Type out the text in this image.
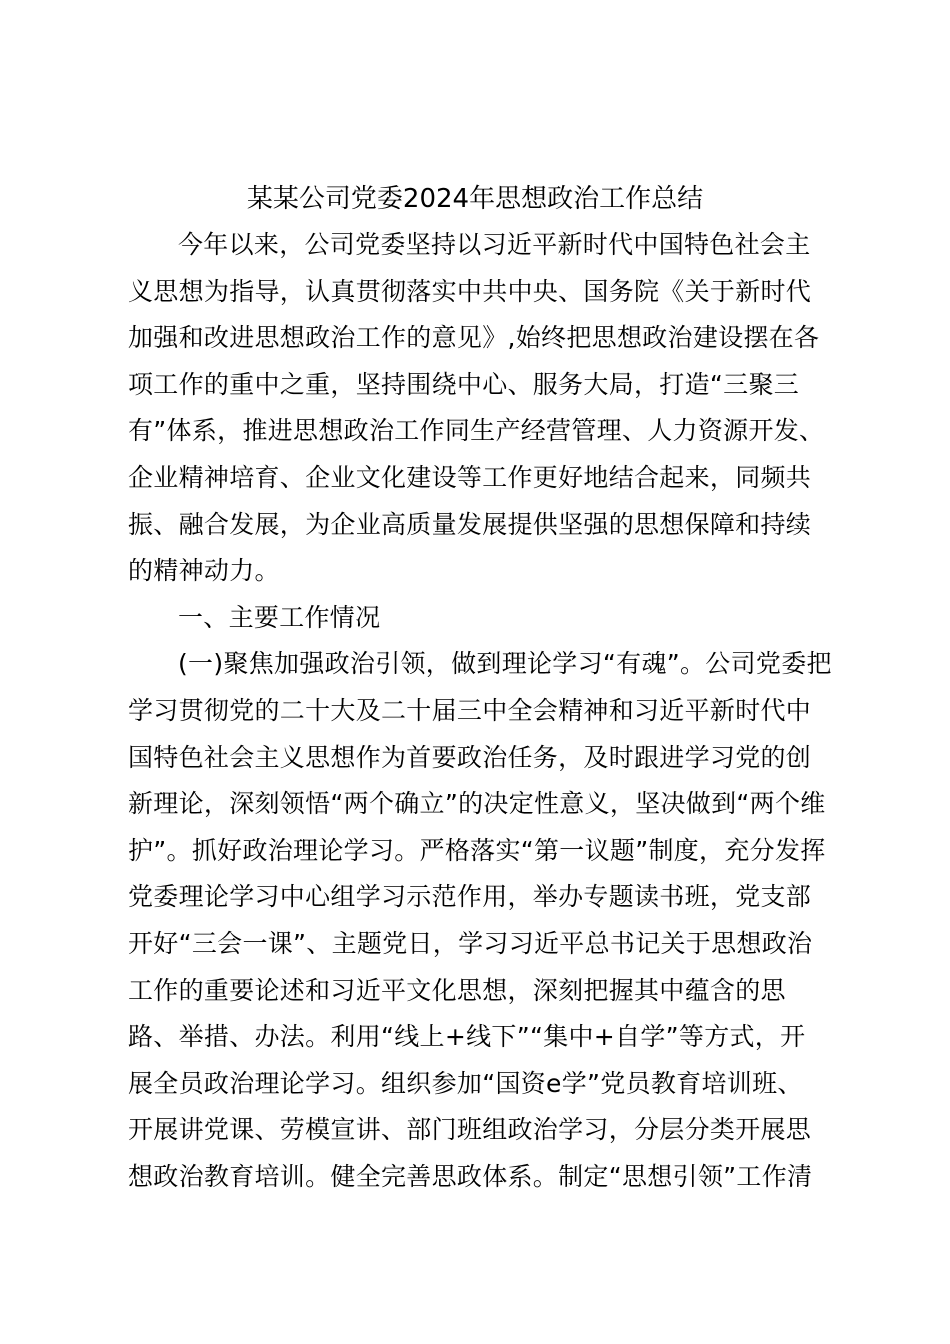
某某公司党委2024年思想政治工作总结
今年以来，公司党委坚持以习近平新时代中国特色社会主
义思想为指导，认真贯彻落实中共中央、国务院《关于新时代
加强和改进思想政治工作的意见》,始终把思想政治建设摆在各
项工作的重中之重，坚持围绕中心、服务大局，打造“三聚三
有”体系，推进思想政治工作同生产经营管理、人力资源开发、
企业精神培育、企业文化建设等工作更好地结合起来，同频共
振、融合发展，为企业高质量发展提供坚强的思想保障和持续
的精神动力。
一、主要工作情况
(一)聚焦加强政治引领，做到理论学习“有魂”。公司党委把
学习贯彻党的二十大及二十届三中全会精神和习近平新时代中
国特色社会主义思想作为首要政治任务，及时跟进学习党的创
新理论，深刻领悟“两个确立”的决定性意义，坚决做到“两个维
护”。抓好政治理论学习。严格落实“第一议题”制度，充分发挥
党委理论学习中心组学习示范作用，举办专题读书班，党支部
开好“三会一课”、主题党日，学习习近平总书记关于思想政治
工作的重要论述和习近平文化思想，深刻把握其中蕴含的思
路、举措、办法。利用“线上+线下”“集中+自学”等方式，开
展全员政治理论学习。组织参加“国资e学”党员教育培训班、
开展讲党课、劳模宣讲、部门班组政治学习，分层分类开展思
想政治教育培训。健全完善思政体系。制定“思想引领”工作清
